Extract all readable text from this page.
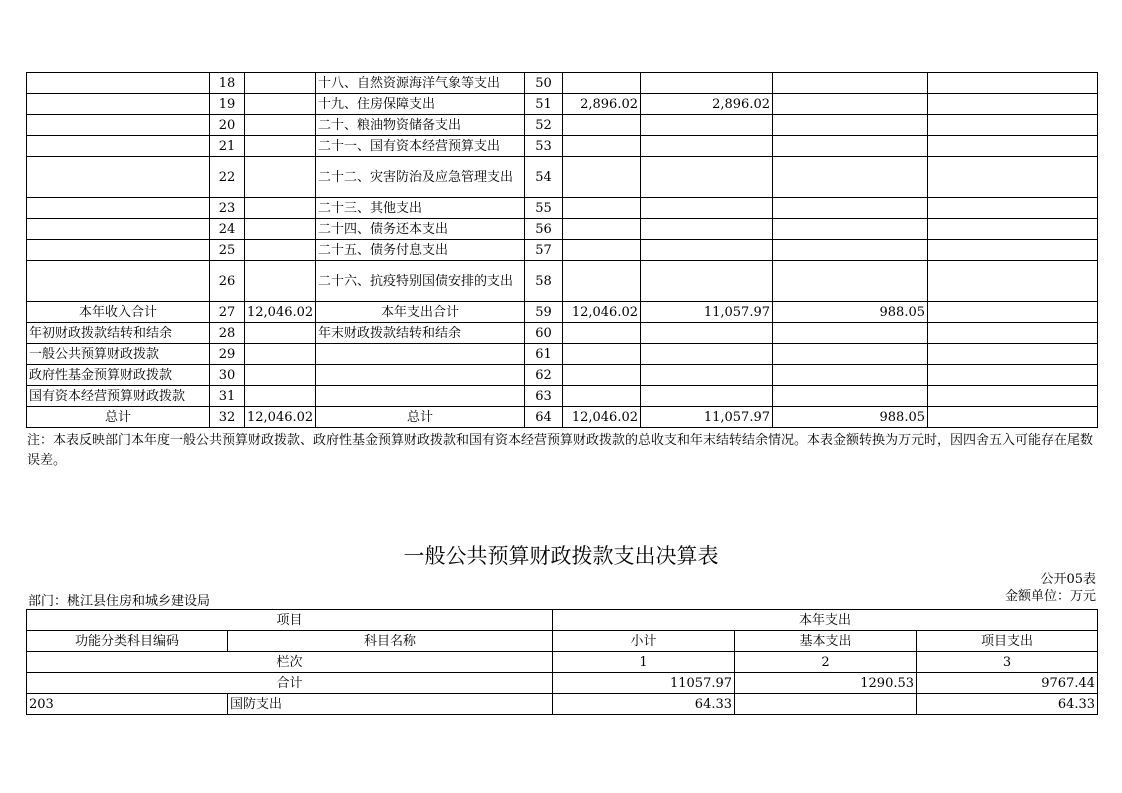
	18		十八、自然资源海洋气象等支出	50				
	19		十九、住房保障支出	51	2,896.02	2,896.02		
	20		二十、粮油物资储备支出	52				
	21		二十一、国有资本经营预算支出	53				
	22		二十二、灾害防治及应急管理支出	54				
	23		二十三、其他支出	55				
	24		二十四、债务还本支出	56				
	25		二十五、债务付息支出	57				
	26		二十六、抗疫特别国债安排的支出	58				
本年收入合计	27	12,046.02	本年支出合计	59	12,046.02	11,057.97	988.05	
年初财政拨款结转和结余	28		年末财政拨款结转和结余	60				
一般公共预算财政拨款	29			61				
政府性基金预算财政拨款	30			62				
国有资本经营预算财政拨款	31			63				
总计	32	12,046.02	总计	64	12,046.02	11,057.97	988.05	
注：本表反映部门本年度一般公共预算财政拨款、政府性基金预算财政拨款和国有资本经营预算财政拨款的总收支和年末结转结余情况。本表金额转换为万元时，因四舍五入可能存在尾数误差。
一般公共预算财政拨款支出决算表
公开05表
金额单位：万元
部门：桃江县住房和城乡建设局
项目		本年支出		
功能分类科目编码	科目名称	小计	基本支出	项目支出
栏次		1	2	3
合计		11057.97	1290.53	9767.44
203	国防支出	64.33		64.33
